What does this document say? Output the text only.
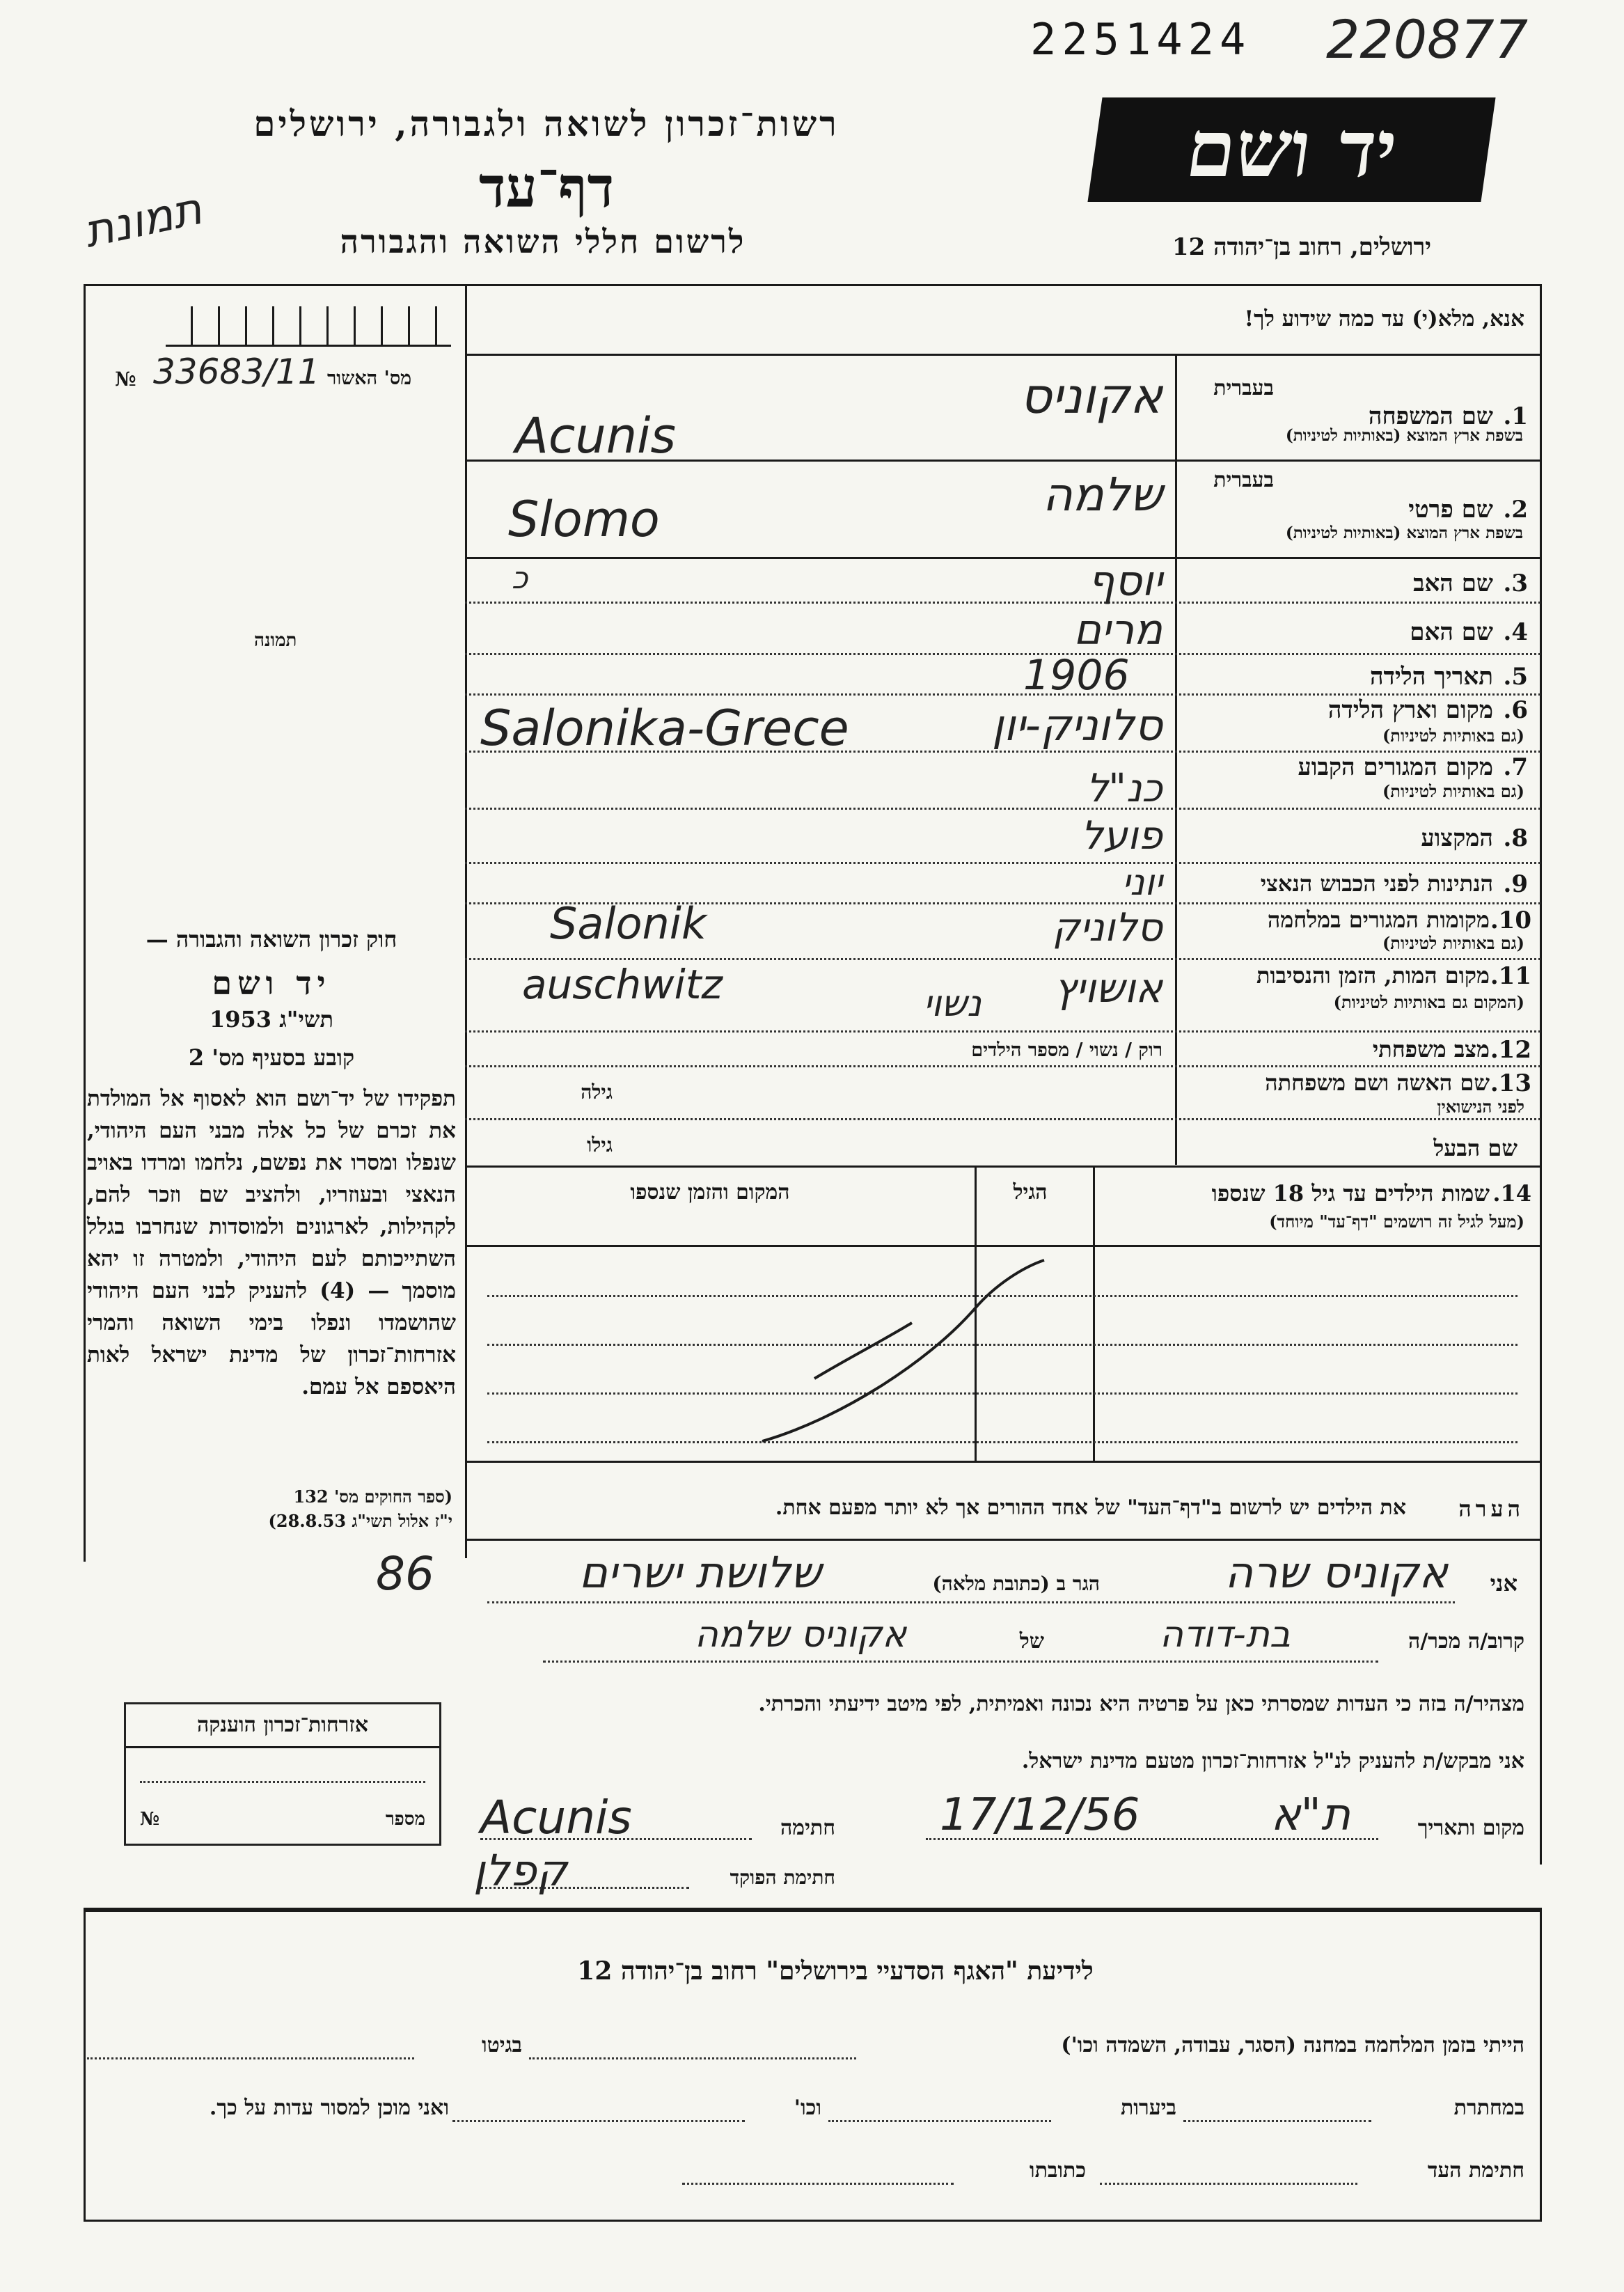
2251424 220877
רשות־זכרון לשואה ולגבורה, ירושלים
דף־עד
לרשום חללי השואה והגבורה
תמונת
יד ושם
ירושלים, רחוב בן־יהודה 12
№ 33683/11 מס' האשור
תמונה
אנא, מלא(י) עד כמה שידוע לך!
בעברית
1.
שם המשפחה
בשפת ארץ המוצא (באותיות לטיניות)
אקוניס
Acunis
בעברית
2.
שם פרטי
בשפת ארץ המוצא (באותיות לטיניות)
שלמה
Slomo
3.
שם האב
יוסף
כ
4.
שם האם
מרים
5.
תאריך הלידה
1906
6.
מקום וארץ הלידה
(גם באותיות לטיניות)
סלוניק-יון
Salonika-Grece
7.
מקום המגורים הקבוע
(גם באותיות לטיניות)
כנ"ל
8.
המקצוע
פועל
9.
הנתינות לפני הכבוש הנאצי
יוני
10.
מקומות המגורים במלחמה
(גם באותיות לטיניות)
סלוניק
Salonik
11.
מקום המות, הזמן והנסיבות
(המקום גם באותיות לטיניות)
אושויץ
auschwitz
12.
מצב משפחתי
רוק / נשוי / מספר הילדים
נשוי
13.
שם האשה ושם משפחתה
לפני הנישואין
גילה
שם הבעל
גילו
14.
שמות הילדים עד גיל 18 שנספו
(מעל לגיל זה רושמים "דף־עד" מיוחד)
הגיל
המקום והזמן שנספו
חוק זכרון השואה והגבורה —
יד ושם
תשי"ג 1953
קובע בסעיף מס' 2

תפקידו של יד־ושם הוא לאסוף אל המולדת את זכרם של כל אלה מבני העם היהודי, שנפלו ומסרו את נפשם, נלחמו ומרדו באויב הנאצי ובעוזריו, ולהציב שם וזכר להם, לקהילות, לארגונים ולמוסדות שנחרבו בגלל השתייכותם לעם היהודי, ולמטרה זו יהא מוסמך — (4) להעניק לבני העם היהודי שהושמדו ונפלו בימי השואה והמרי אזרחות־זכרון של מדינת ישראל לאות היאספם אל עמם.

(ספר החוקים מס' 132
י"ז אלול תשי"ג 28.8.53)	הערה
את הילדים יש לרשום ב"דף־העד" של אחד ההורים אך לא יותר מפעם אחת.
אני
אקוניס שרה
הגר ב (כתובת מלאה)
שלושת ישרים
86
קרוב/ה מכר/ה
בת-דודה
של
אקוניס שלמה
מצהיר/ה בזה כי העדות שמסרתי כאן על פרטיה היא נכונה ואמיתית, לפי מיטב ידיעתי והכרתי.
אני מבקש/ת להעניק לנ"ל אזרחות־זכרון מטעם מדינת ישראל.
מקום ותאריך
17/12/56	ת"א
חתימה
Acunis
חתימת הפוקד
קפלן
אזרחות־זכרון הוענקה
מספר
№
לידיעת "האגף הסדעיי בירושלים" רחוב בן־יהודה 12
הייתי בזמן המלחמה במחנה (הסגר, עבודה, השמדה וכו')
בגיטו
במחתרת
ביערות
וכו'
ואני מוכן למסור עדות על כך.
חתימת העד
כתובתו
